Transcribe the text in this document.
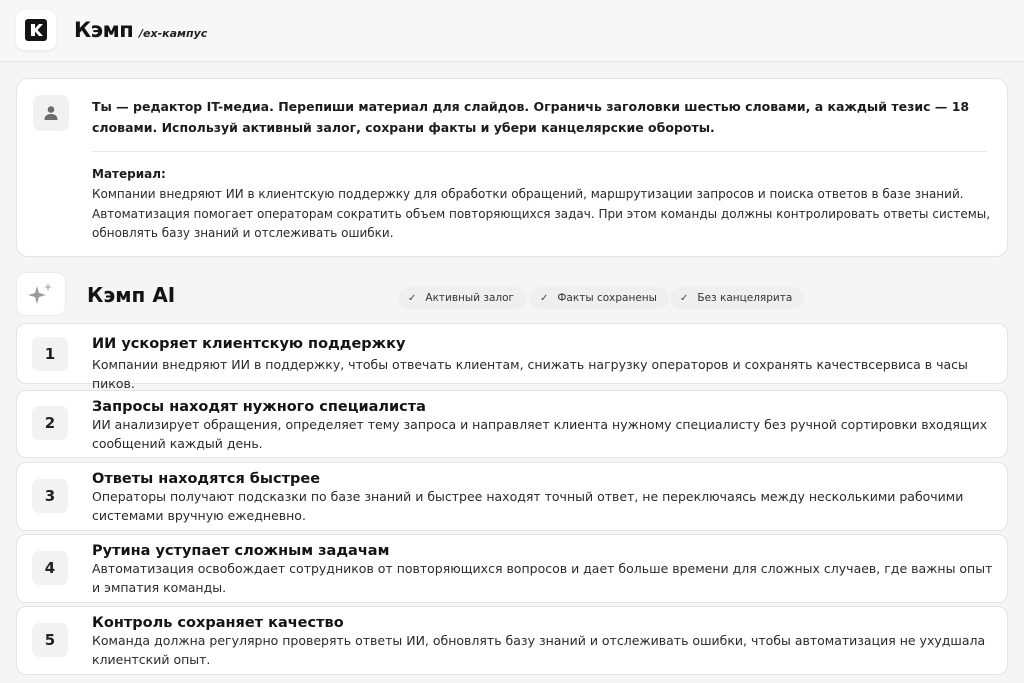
Кэмп /ex-кампус
Ты — редактор IT-медиа. Перепиши материал для слайдов. Ограничь заголовки шестью словами, а каждый тезис — 18 словами. Используй активный залог, сохрани факты и убери канцелярские обороты.
Материал:
Компании внедряют ИИ в клиентскую поддержку для обработки обращений, маршрутизации запросов и поиска ответов в базе знаний. Автоматизация помогает операторам сократить объем повторяющихся задач. При этом команды должны контролировать ответы системы, обновлять базу знаний и отслеживать ошибки.
Кэмп AI	✓ Активный залог	✓ Факты сохранены ✓ Без канцелярита
1
ИИ ускоряет клиентскую поддержку
Компании внедряют ИИ в поддержку, чтобы отвечать клиентам, снижать нагрузку операторов и сохранять качествсервиса в часы пиков.
2
Запросы находят нужного специалиста
ИИ анализирует обращения, определяет тему запроса и направляет клиента нужному специалисту без ручной сортировки входящих сообщений каждый день.
3
Ответы находятся быстрее
Операторы получают подсказки по базе знаний и быстрее находят точный ответ, не переключаясь между несколькими рабочими системами вручную ежедневно.
4
Рутина уступает сложным задачам
Автоматизация освобождает сотрудников от повторяющихся вопросов и дает больше времени для сложных случаев, где важны опыт и эмпатия команды.
5
Контроль сохраняет качество
Команда должна регулярно проверять ответы ИИ, обновлять базу знаний и отслеживать ошибки, чтобы автоматизация не ухудшала клиентский опыт.
